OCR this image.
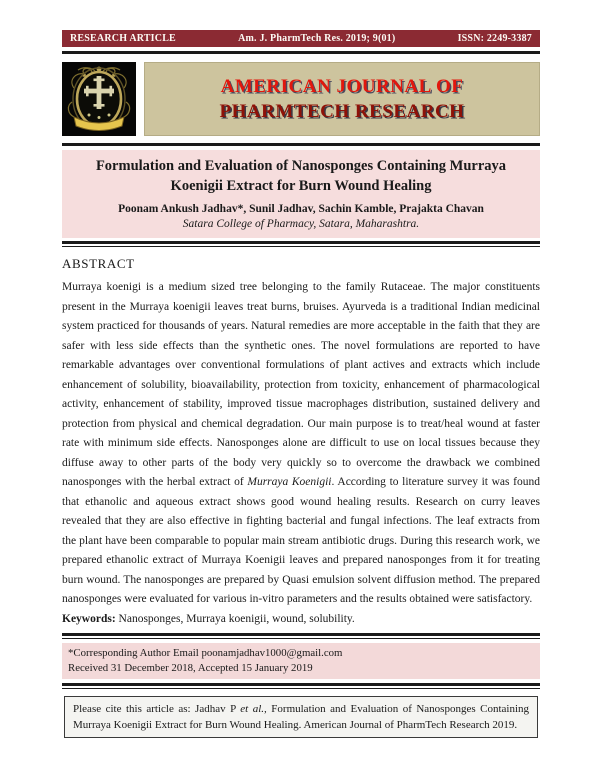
RESEARCH ARTICLE	Am. J. PharmTech Res. 2019; 9(01)	ISSN: 2249-3387
AMERICAN JOURNAL OF
PHARMTECH RESEARCH
Formulation and Evaluation of Nanosponges Containing Murraya Koenigii Extract for Burn Wound Healing
Poonam Ankush Jadhav*, Sunil Jadhav, Sachin Kamble, Prajakta Chavan
Satara College of Pharmacy, Satara, Maharashtra.
ABSTRACT

Murraya koenigi is a medium sized tree belonging to the family Rutaceae. The major constituents present in the Murraya koenigii leaves treat burns, bruises. Ayurveda is a traditional Indian medicinal system practiced for thousands of years. Natural remedies are more acceptable in the faith that they are safer with less side effects than the synthetic ones. The novel formulations are reported to have remarkable advantages over conventional formulations of plant actives and extracts which include enhancement of solubility, bioavailability, protection from toxicity, enhancement of pharmacological activity, enhancement of stability, improved tissue macrophages distribution, sustained delivery and protection from physical and chemical degradation. Our main purpose is to treat/heal wound at faster rate with minimum side effects. Nanosponges alone are difficult to use on local tissues because they diffuse away to other parts of the body very quickly so to overcome the drawback we combined nanosponges with the herbal extract of Murraya Koenigii. According to literature survey it was found that ethanolic and aqueous extract shows good wound healing results. Research on curry leaves revealed that they are also effective in fighting bacterial and fungal infections. The leaf extracts from the plant have been comparable to popular main stream antibiotic drugs. During this research work, we prepared ethanolic extract of Murraya Koenigii leaves and prepared nanosponges from it for treating burn wound. The nanosponges are prepared by Quasi emulsion solvent diffusion method. The prepared nanosponges were evaluated for various in-vitro parameters and the results obtained were satisfactory.

Keywords: Nanosponges, Murraya koenigii, wound, solubility.

*Corresponding Author Email poonamjadhav1000@gmail.com
Received 31 December 2018, Accepted 15 January 2019
Please cite this article as: Jadhav P et al., Formulation and Evaluation of Nanosponges Containing Murraya Koenigii Extract for Burn Wound Healing. American Journal of PharmTech Research 2019.
